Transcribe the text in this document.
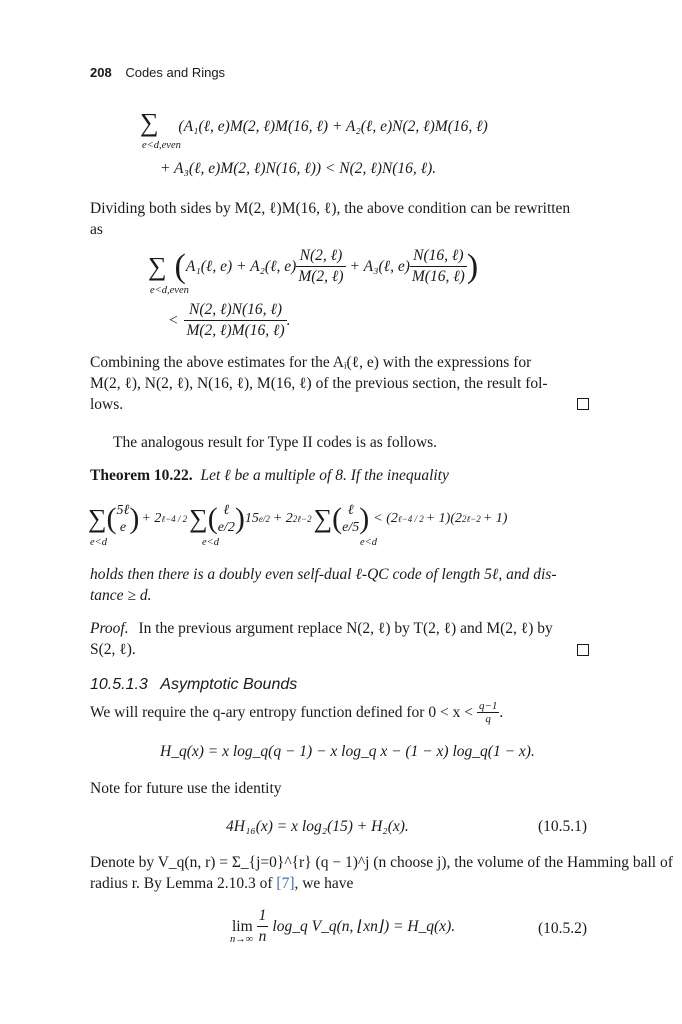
208 Codes and Rings
∑ (A₁(ℓ, e)M(2, ℓ)M(16, ℓ) + A₂(ℓ, e)N(2, ℓ)M(16, ℓ)
e<d,even
+ A₃(ℓ, e)M(2, ℓ)N(16, ℓ)) < N(2, ℓ)N(16, ℓ).
Dividing both sides by M(2, ℓ)M(16, ℓ), the above condition can be rewritten
as
∑ ( A₁(ℓ, e) + A₂(ℓ, $e) \frac{\text{N(2, ℓ)}}{\text{M(2, ℓ)}}$ + A₃(ℓ, $e) \frac{\text{N(16, ℓ)}}{\text{M(16, ℓ)}}$ )
e<d,even
< $\frac{\text{N(2, ℓ)N(16, ℓ)}}{\text{M(2, ℓ)M(16, ℓ)}}$ .
Combining the above estimates for the Aᵢ(ℓ, e) with the expressions for
M(2, ℓ), N(2, ℓ), N(16, ℓ), M(16, ℓ) of the previous section, the result fol-
lows.
The analogous result for Type II codes is as follows.
Theorem 10.22. Let ℓ be a multiple of 8. If the inequality
∑ ( 5ℓ
e ) + 2 ℓ−4 / 2 ∑ ( ℓ
e/2 ) 15 e/2 + 2 2ℓ−2 ∑ ( ℓ
e/5 ) < (2 ℓ−4 / 2 + 1)(2 2ℓ−2 + 1)
e<d	e<d	e<d
holds then there is a doubly even self-dual ℓ-QC code of length 5ℓ, and dis-
tance ≥ d.
Proof. In the previous argument replace N(2, ℓ) by T(2, ℓ) and M(2, ℓ) by
S(2, ℓ).
10.5.1.3 Asymptotic Bounds
We will require the q-ary entropy function defined for $0 < x < \frac{q-1}{q}$ .
H_q(x) = x log_q(q − 1) − x log_q x − (1 − x) log_q(1 − x).
Note for future use the identity
4H₁₆(x) = x log₂(15) + H₂(x).	(10.5.1)
Denote by V_q(n, r) = Σ_{j=0}^{r} (q − 1)^j (n choose j), the volume of the Hamming ball of
radius r. By Lemma 2.10.3 of [7], we have
$\lim \frac{1}{n}$ log_q V_q(n, ⌊xn⌋) = H_q(x).
n→∞
(10.5.2)
